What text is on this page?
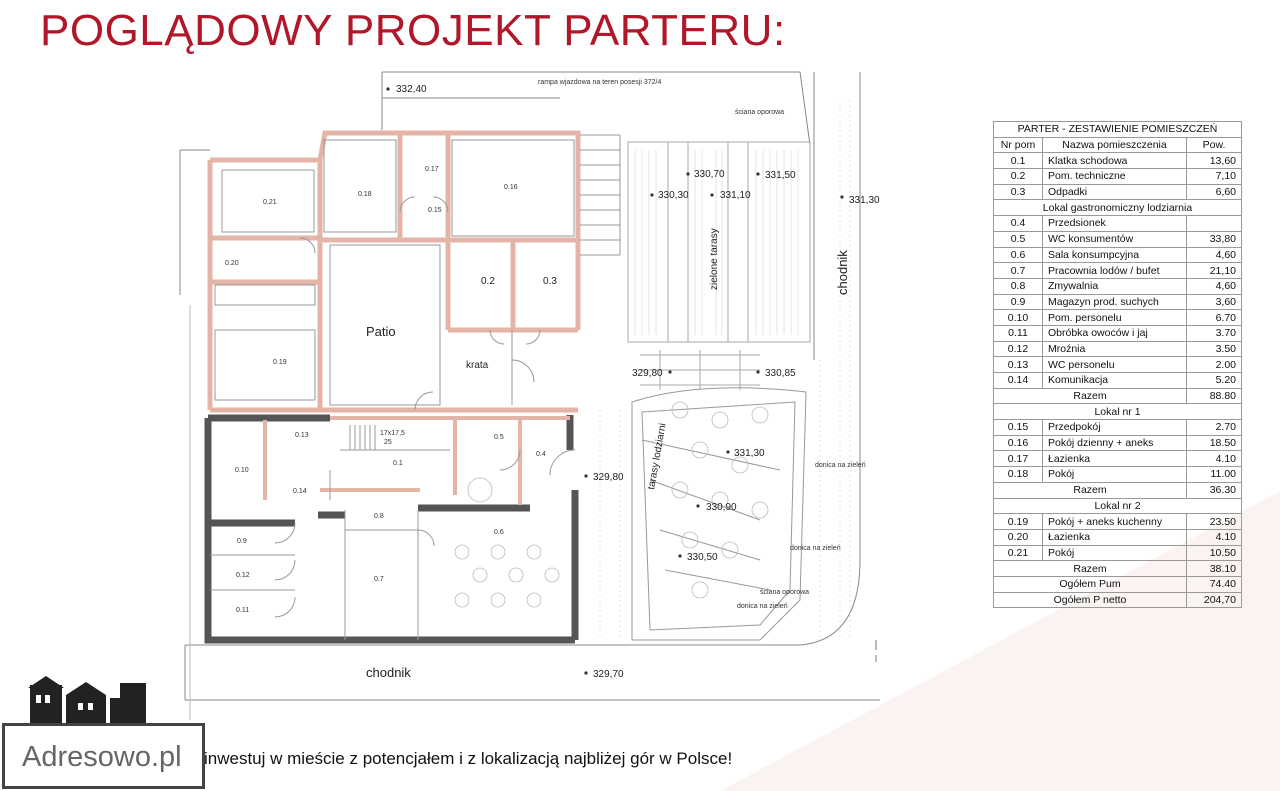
POGLĄDOWY PROJEKT PARTERU:
rampa wjazdowa na teren posesji 372/4
332,40
330,70	331,50
330,30	331,10	331,30
329,80	330,85
331,30
330,90
330,50
329,80
329,70
ściana oporowa
ściana oporowa
donica na zieleń
donica na zieleń
donica na zieleń
zielone tarasy
tarasy lodziarni
chodnik
chodnik
Patio
krata
17x17,5
25
0.21
0.18
0.17
0.15
0.16
0.20
0.2	0.3
0.19
0.13
0.1
0.5
0.4
0.10
0.14
0.8
0.6
0.9
0.12
0.11
0.7
PARTER - ZESTAWIENIE POMIESZCZEŃ		
Nr pom	Nazwa pomieszczenia	Pow.
0.1	Klatka schodowa	13,60
0.2	Pom. techniczne	7,10
0.3	Odpadki	6,60
Lokal gastronomiczny lodziarnia		
0.4	Przedsionek	
0.5	WC konsumentów	33,80
0.6	Sala konsumpcyjna	4,60
0.7	Pracownia lodów / bufet	21,10
0.8	Zmywalnia	4,60
0.9	Magazyn prod. suchych	3,60
0.10	Pom. personelu	6.70
0.11	Obróbka owoców i jaj	3.70
0.12	Mroźnia	3.50
0.13	WC personelu	2.00
0.14	Komunikacja	5.20
Razem		88.80
Lokal nr 1		
0.15	Przedpokój	2.70
0.16	Pokój dzienny + aneks	18.50
0.17	Łazienka	4.10
0.18	Pokój	11.00
Razem		36.30
Lokal nr 2		
0.19	Pokój + aneks kuchenny	23.50
0.20	Łazienka	4.10
0.21	Pokój	10.50
Razem		38.10
Ogółem Pum		74.40
Ogółem P netto		204,70
Adresowo.pl inwestuj w mieście z potencjałem i z lokalizacją najbliżej gór w Polsce!
